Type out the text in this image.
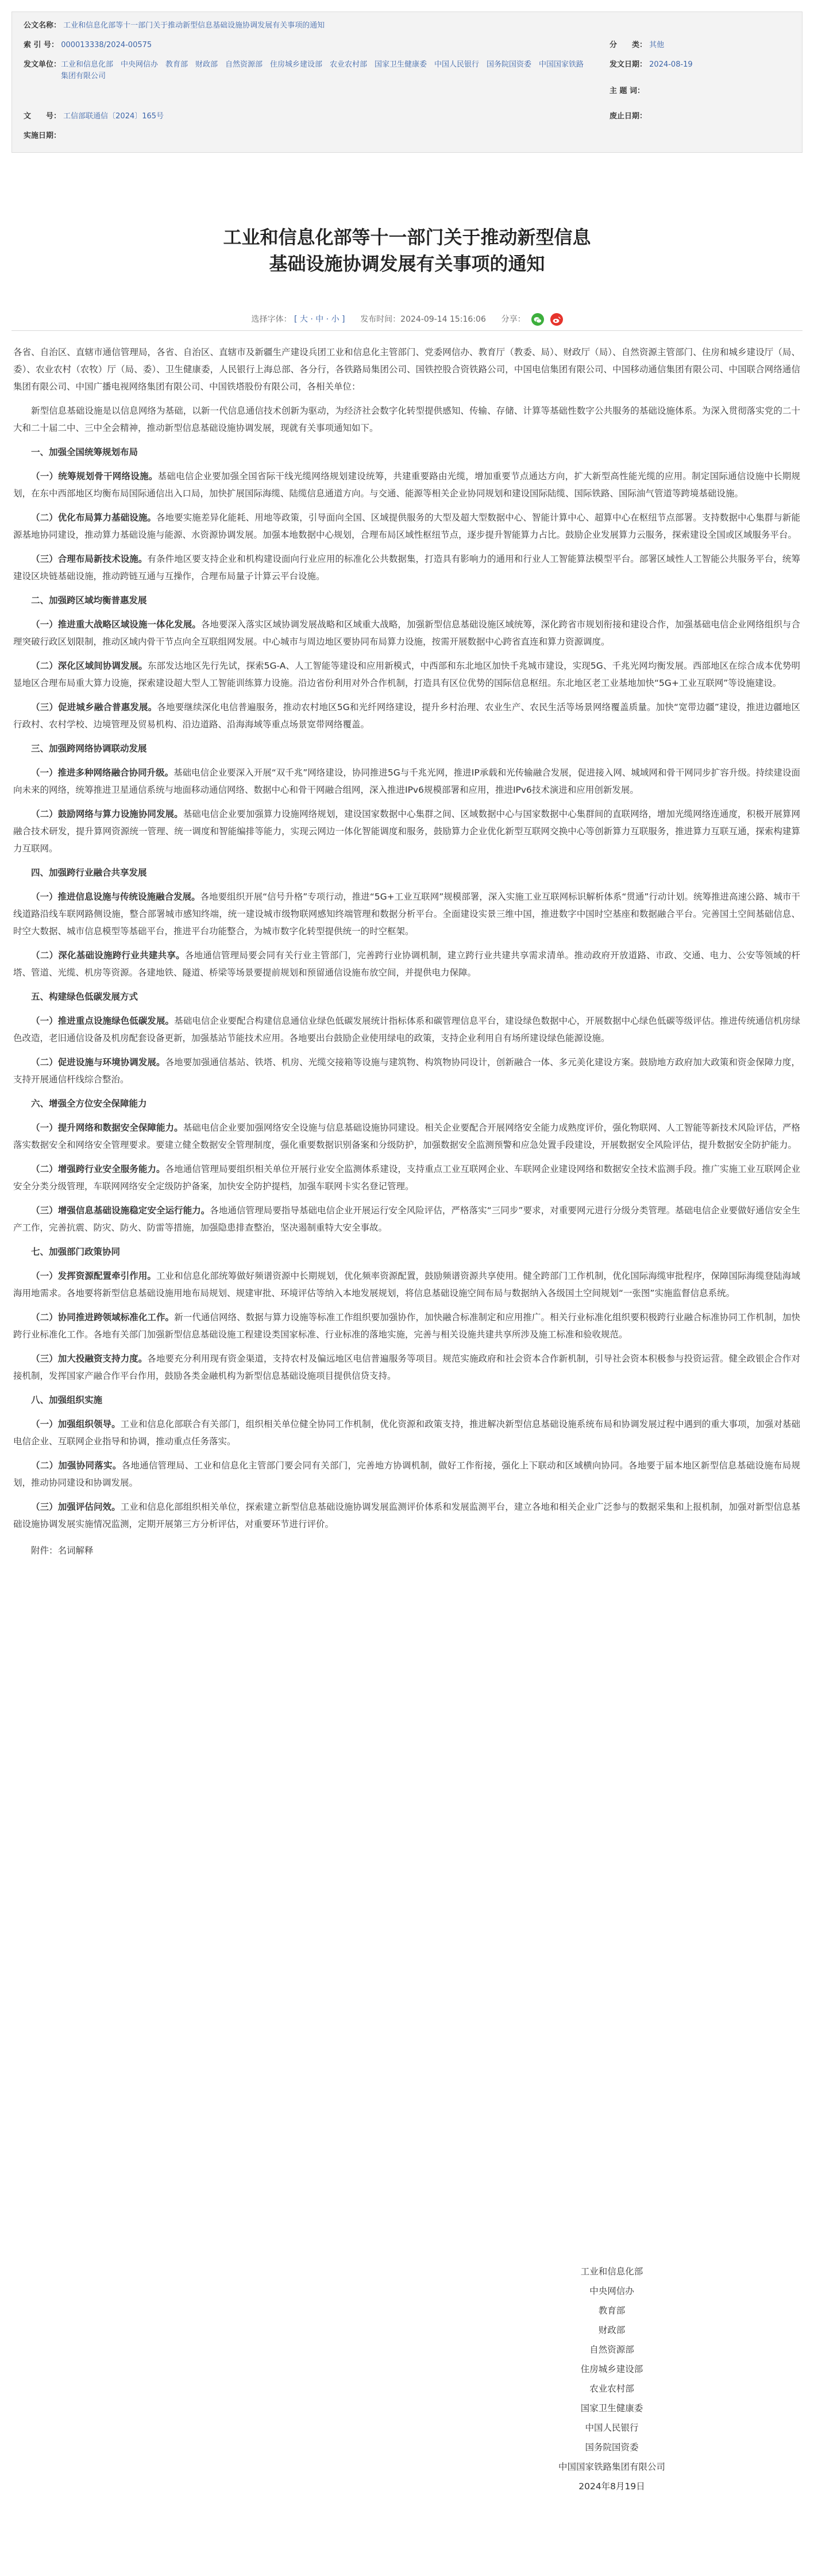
公文名称： 工业和信息化部等十一部门关于推动新型信息基础设施协调发展有关事项的通知
索 引 号： 000013338/2024-00575	分　　类： 其他
发文单位： 工业和信息化部　中央网信办　教育部　财政部　自然资源部　住房城乡建设部　农业农村部　国家卫生健康委　中国人民银行　国务院国资委　中国国家铁路集团有限公司
发文日期： 2024-08-19
主 题 词：
文　　号： 工信部联通信〔2024〕165号	废止日期：
实施日期：
工业和信息化部等十一部门关于推动新型信息
基础设施协调发展有关事项的通知
选择字体： [ 大 · 中 · 小 ] 发布时间：2024-09-14 15:16:06 分享：

各省、自治区、直辖市通信管理局，各省、自治区、直辖市及新疆生产建设兵团工业和信息化主管部门、党委网信办、教育厅（教委、局）、财政厅（局）、自然资源主管部门、住房和城乡建设厅（局、委）、农业农村（农牧）厅（局、委）、卫生健康委，人民银行上海总部、各分行，各铁路局集团公司、国铁控股合资铁路公司，中国电信集团有限公司、中国移动通信集团有限公司、中国联合网络通信集团有限公司、中国广播电视网络集团有限公司、中国铁塔股份有限公司，各相关单位：

新型信息基础设施是以信息网络为基础，以新一代信息通信技术创新为驱动，为经济社会数字化转型提供感知、传输、存储、计算等基础性数字公共服务的基础设施体系。为深入贯彻落实党的二十大和二十届二中、三中全会精神，推动新型信息基础设施协调发展，现就有关事项通知如下。

一、加强全国统筹规划布局

（一）统筹规划骨干网络设施。基础电信企业要加强全国省际干线光缆网络规划建设统筹，共建重要路由光缆，增加重要节点通达方向，扩大新型高性能光缆的应用。制定国际通信设施中长期规划，在东中西部地区均衡布局国际通信出入口局，加快扩展国际海缆、陆缆信息通道方向。与交通、能源等相关企业协同规划和建设国际陆缆、国际铁路、国际油气管道等跨境基础设施。

（二）优化布局算力基础设施。各地要实施差异化能耗、用地等政策，引导面向全国、区域提供服务的大型及超大型数据中心、智能计算中心、超算中心在枢纽节点部署。支持数据中心集群与新能源基地协同建设，推动算力基础设施与能源、水资源协调发展。加强本地数据中心规划，合理布局区域性枢纽节点，逐步提升智能算力占比。鼓励企业发展算力云服务，探索建设全国或区域服务平台。

（三）合理布局新技术设施。有条件地区要支持企业和机构建设面向行业应用的标准化公共数据集，打造具有影响力的通用和行业人工智能算法模型平台。部署区域性人工智能公共服务平台，统筹建设区块链基础设施，推动跨链互通与互操作，合理布局量子计算云平台设施。

二、加强跨区域均衡普惠发展

（一）推进重大战略区域设施一体化发展。各地要深入落实区域协调发展战略和区域重大战略，加强新型信息基础设施区域统筹，深化跨省市规划衔接和建设合作，加强基础电信企业网络组织与合理突破行政区划限制，推动区域内骨干节点向全互联组网发展。中心城市与周边地区要协同布局算力设施，按需开展数据中心跨省直连和算力资源调度。

（二）深化区域间协调发展。东部发达地区先行先试，探索5G-A、人工智能等建设和应用新模式，中西部和东北地区加快千兆城市建设，实现5G、千兆光网均衡发展。西部地区在综合成本优势明显地区合理布局重大算力设施，探索建设超大型人工智能训练算力设施。沿边省份利用对外合作机制，打造具有区位优势的国际信息枢纽。东北地区老工业基地加快“5G+工业互联网”等设施建设。

（三）促进城乡融合普惠发展。各地要继续深化电信普遍服务，推动农村地区5G和光纤网络建设，提升乡村治理、农业生产、农民生活等场景网络覆盖质量。加快“宽带边疆”建设，推进边疆地区行政村、农村学校、边境管理及贸易机构、沿边道路、沿海海域等重点场景宽带网络覆盖。

三、加强跨网络协调联动发展

（一）推进多种网络融合协同升级。基础电信企业要深入开展“双千兆”网络建设，协同推进5G与千兆光网，推进IP承载和光传输融合发展，促进接入网、城域网和骨干网同步扩容升级。持续建设面向未来的网络，统筹推进卫星通信系统与地面移动通信网络、数据中心和骨干网融合组网，深入推进IPv6规模部署和应用，推进IPv6技术演进和应用创新发展。

（二）鼓励网络与算力设施协同发展。基础电信企业要加强算力设施网络规划，建设国家数据中心集群之间、区域数据中心与国家数据中心集群间的直联网络，增加光缆网络连通度，积极开展算网融合技术研发，提升算网资源统一管理、统一调度和智能编排等能力，实现云网边一体化智能调度和服务，鼓励算力企业优化新型互联网交换中心等创新算力互联服务，推进算力互联互通，探索构建算力互联网。

四、加强跨行业融合共享发展

（一）推进信息设施与传统设施融合发展。各地要组织开展“信号升格”专项行动，推进“5G+工业互联网”规模部署，深入实施工业互联网标识解析体系“贯通”行动计划。统筹推进高速公路、城市干线道路沿线车联网路侧设施，整合部署城市感知终端，统一建设城市级物联网感知终端管理和数据分析平台。全面建设实景三维中国，推进数字中国时空基座和数据融合平台。完善国土空间基础信息、时空大数据、城市信息模型等基础平台，推进平台功能整合，为城市数字化转型提供统一的时空框架。

（二）深化基础设施跨行业共建共享。各地通信管理局要会同有关行业主管部门，完善跨行业协调机制，建立跨行业共建共享需求清单。推动政府开放道路、市政、交通、电力、公安等领域的杆塔、管道、光缆、机房等资源。各建地铁、隧道、桥梁等场景要提前规划和预留通信设施布放空间，并提供电力保障。

五、构建绿色低碳发展方式

（一）推进重点设施绿色低碳发展。基础电信企业要配合构建信息通信业绿色低碳发展统计指标体系和碳管理信息平台，建设绿色数据中心，开展数据中心绿色低碳等级评估。推进传统通信机房绿色改造，老旧通信设备及机房配套设备更新，加强基站节能技术应用。各地要出台鼓励企业使用绿电的政策，支持企业利用自有场所建设绿色能源设施。

（二）促进设施与环境协调发展。各地要加强通信基站、铁塔、机房、光缆交接箱等设施与建筑物、构筑物协同设计，创新融合一体、多元美化建设方案。鼓励地方政府加大政策和资金保障力度，支持开展通信杆线综合整治。

六、增强全方位安全保障能力

（一）提升网络和数据安全保障能力。基础电信企业要加强网络安全设施与信息基础设施协同建设。相关企业要配合开展网络安全能力成熟度评价，强化物联网、人工智能等新技术风险评估，严格落实数据安全和网络安全管理要求。要建立健全数据安全管理制度，强化重要数据识别备案和分级防护，加强数据安全监测预警和应急处置手段建设，开展数据安全风险评估，提升数据安全防护能力。

（二）增强跨行业安全服务能力。各地通信管理局要组织相关单位开展行业安全监测体系建设，支持重点工业互联网企业、车联网企业建设网络和数据安全技术监测手段。推广实施工业互联网企业安全分类分级管理，车联网网络安全定级防护备案，加快安全防护提档，加强车联网卡实名登记管理。

（三）增强信息基础设施稳定安全运行能力。各地通信管理局要指导基础电信企业开展运行安全风险评估，严格落实“三同步”要求，对重要网元进行分级分类管理。基础电信企业要做好通信安全生产工作，完善抗震、防灾、防火、防雷等措施，加强隐患排查整治，坚决遏制重特大安全事故。

七、加强部门政策协同

（一）发挥资源配置牵引作用。工业和信息化部统筹做好频谱资源中长期规划，优化频率资源配置，鼓励频谱资源共享使用。健全跨部门工作机制，优化国际海缆审批程序，保障国际海缆登陆海域海用地需求。各地要将新型信息基础设施用地布局规划、规建审批、环境评估等纳入本地发展规划，将信息基础设施空间布局与数据纳入各级国土空间规划“一张图”实施监督信息系统。

（二）协同推进跨领域标准化工作。新一代通信网络、数据与算力设施等标准工作组织要加强协作，加快融合标准制定和应用推广。相关行业标准化组织要积极跨行业融合标准协同工作机制，加快跨行业标准化工作。各地有关部门加强新型信息基础设施工程建设类国家标准、行业标准的落地实施，完善与相关设施共建共享所涉及施工标准和验收规范。

（三）加大投融资支持力度。各地要充分利用现有资金渠道，支持农村及偏远地区电信普遍服务等项目。规范实施政府和社会资本合作新机制，引导社会资本积极参与投资运营。健全政银企合作对接机制，发挥国家产融合作平台作用，鼓励各类金融机构为新型信息基础设施项目提供信贷支持。

八、加强组织实施

（一）加强组织领导。工业和信息化部联合有关部门，组织相关单位健全协同工作机制，优化资源和政策支持，推进解决新型信息基础设施系统布局和协调发展过程中遇到的重大事项，加强对基础电信企业、互联网企业指导和协调，推动重点任务落实。

（二）加强协同落实。各地通信管理局、工业和信息化主管部门要会同有关部门，完善地方协调机制，做好工作衔接，强化上下联动和区域横向协同。各地要于届本地区新型信息基础设施布局规划，推动协同建设和协调发展。

（三）加强评估问效。工业和信息化部组织相关单位，探索建立新型信息基础设施协调发展监测评价体系和发展监测平台，建立各地和相关企业广泛参与的数据采集和上报机制，加强对新型信息基础设施协调发展实施情况监测，定期开展第三方分析评估，对重要环节进行评价。

附件：名词解释

工业和信息化部
中央网信办
教育部
财政部
自然资源部
住房城乡建设部
农业农村部
国家卫生健康委
中国人民银行
国务院国资委
中国国家铁路集团有限公司
2024年8月19日
